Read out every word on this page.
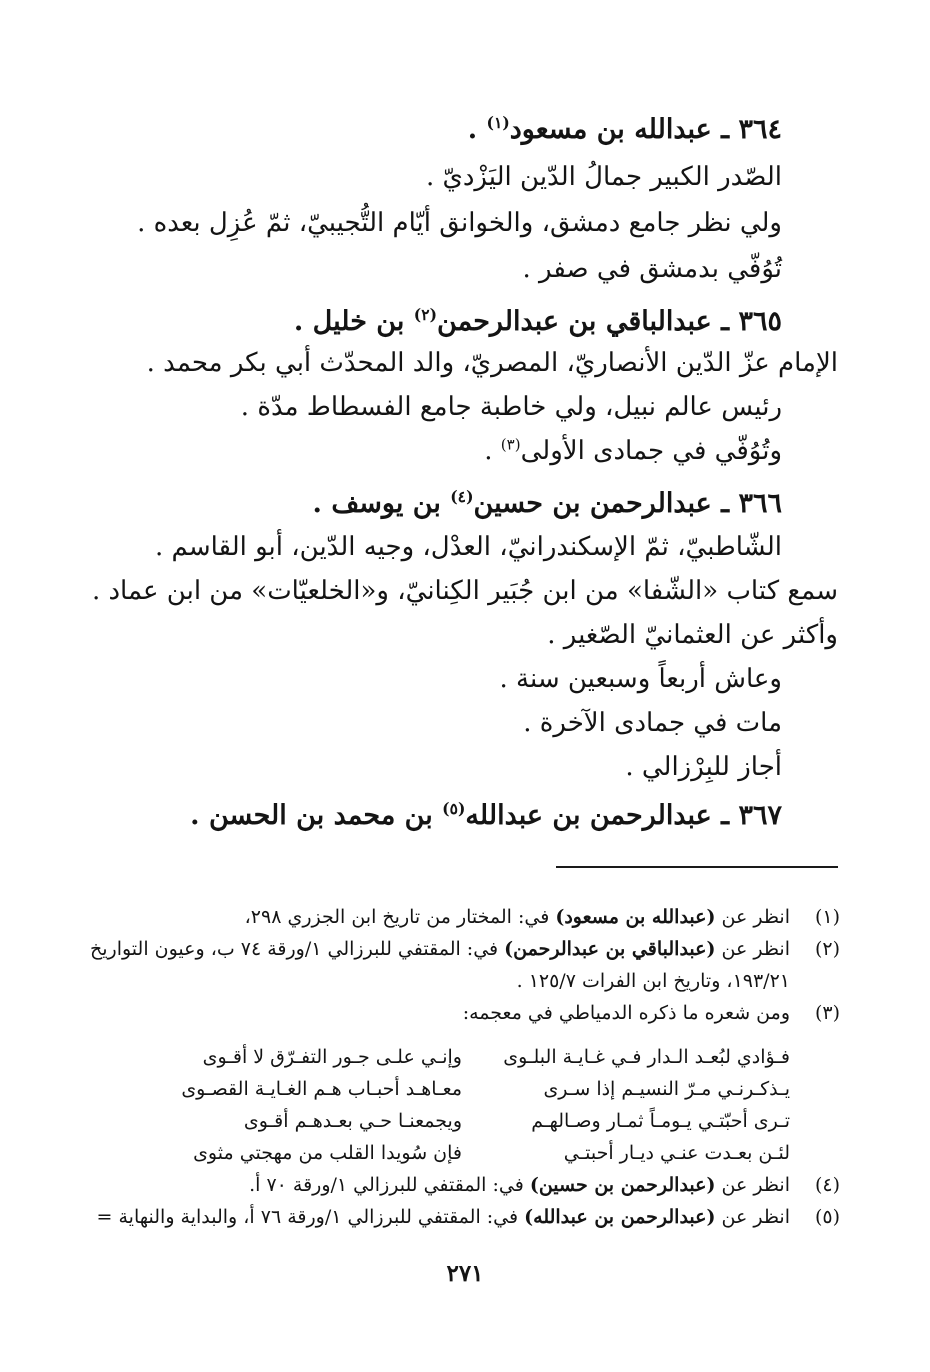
٣٦٤ ـ عبدالله بن مسعود$^{(١)}$ .
الصّدر الكبير جمالُ الدّين اليَزْديّ .
ولي نظر جامع دمشق، والخوانق أيّام التُّجيبيّ، ثمّ عُزِل بعده .
تُوُفّي بدمشق في صفر .
٣٦٥ ـ عبدالباقي بن عبدالرحمن$^{(٢)}$ بن خليل .
الإمام عزّ الدّين الأنصاريّ، المصريّ، والد المحدّث أبي بكر محمد .
رئيس عالم نبيل، ولي خاطبة جامع الفسطاط مدّة .
وتُوُفّي في جمادى الأولى$^{(٣)}$ .
٣٦٦ ـ عبدالرحمن بن حسين$^{(٤)}$ بن يوسف .
الشّاطبيّ، ثمّ الإسكندرانيّ، العدْل، وجيه الدّين، أبو القاسم .
سمع كتاب «الشّفا» من ابن جُبَير الكِنانيّ، و«الخلعيّات» من ابن عماد .
وأكثر عن العثمانيّ الصّغير .
وعاش أربعاً وسبعين سنة .
مات في جمادى الآخرة .
أجاز للبِرْزالي .
٣٦٧ ـ عبدالرحمن بن عبدالله$^{(٥)}$ بن محمد بن الحسن .
(١)
انظر عن (عبدالله بن مسعود) في: المختار من تاريخ ابن الجزري ٢٩٨،
(٢)
انظر عن (عبدالباقي بن عبدالرحمن) في: المقتفي للبرزالي ١/ورقة ٧٤ ب، وعيون التواريخ
١٩٣/٢١، وتاريخ ابن الفرات ١٢٥/٧ .
(٣)
ومن شعره ما ذكره الدمياطي في معجمه:
فـؤادي لبُعـد الـدار فـي غـايـة البلـوى
وإنـي علـى جـور التفـرّق لا أقـوى
يـذكـرنـي مـرّ النسيـم إذا سـرى
معـاهـد أحبـاب هـم الغـايـة القصـوى
تـرى أحبّتـي يـومـاً ثمـار وصـالهـم
ويجمعنـا حـي بعـدهـم أقـوى
لئـن بعـدت عنـي ديـار أحبتـي
فإن سُويدا القلب من مهجتي مثوى
(٤)
انظر عن (عبدالرحمن بن حسين) في: المقتفي للبرزالي ١/ورقة ٧٠ أ.
(٥)
انظر عن (عبدالرحمن بن عبدالله) في: المقتفي للبرزالي ١/ورقة ٧٦ أ، والبداية والنهاية =
٢٧١
